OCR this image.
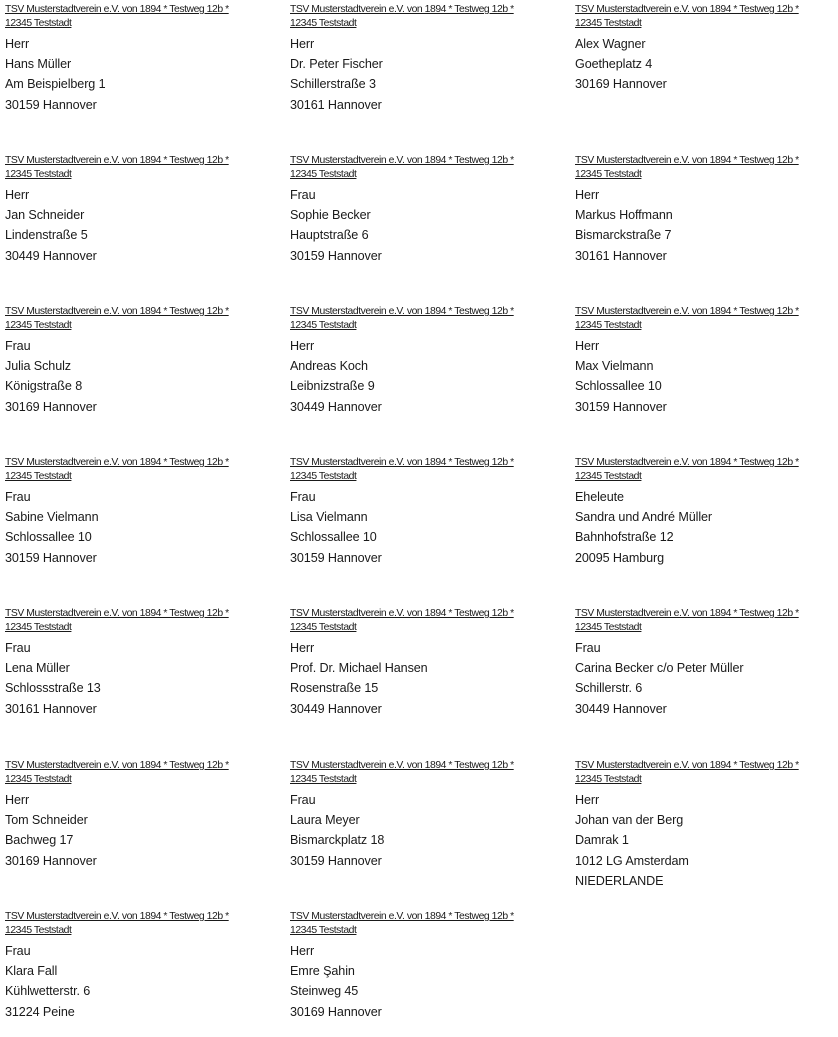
TSV Musterstadtverein e.V. von 1894 * Testweg 12b *
12345 Teststadt
Herr
Hans Müller
Am Beispielberg 1
30159 Hannover
TSV Musterstadtverein e.V. von 1894 * Testweg 12b *
12345 Teststadt
Herr
Dr. Peter Fischer
Schillerstraße 3
30161 Hannover
TSV Musterstadtverein e.V. von 1894 * Testweg 12b *
12345 Teststadt
Alex Wagner
Goetheplatz 4
30169 Hannover
TSV Musterstadtverein e.V. von 1894 * Testweg 12b *
12345 Teststadt
Herr
Jan Schneider
Lindenstraße 5
30449 Hannover
TSV Musterstadtverein e.V. von 1894 * Testweg 12b *
12345 Teststadt
Frau
Sophie Becker
Hauptstraße 6
30159 Hannover
TSV Musterstadtverein e.V. von 1894 * Testweg 12b *
12345 Teststadt
Herr
Markus Hoffmann
Bismarckstraße 7
30161 Hannover
TSV Musterstadtverein e.V. von 1894 * Testweg 12b *
12345 Teststadt
Frau
Julia Schulz
Königstraße 8
30169 Hannover
TSV Musterstadtverein e.V. von 1894 * Testweg 12b *
12345 Teststadt
Herr
Andreas Koch
Leibnizstraße 9
30449 Hannover
TSV Musterstadtverein e.V. von 1894 * Testweg 12b *
12345 Teststadt
Herr
Max Vielmann
Schlossallee 10
30159 Hannover
TSV Musterstadtverein e.V. von 1894 * Testweg 12b *
12345 Teststadt
Frau
Sabine Vielmann
Schlossallee 10
30159 Hannover
TSV Musterstadtverein e.V. von 1894 * Testweg 12b *
12345 Teststadt
Frau
Lisa Vielmann
Schlossallee 10
30159 Hannover
TSV Musterstadtverein e.V. von 1894 * Testweg 12b *
12345 Teststadt
Eheleute
Sandra und André Müller
Bahnhofstraße 12
20095 Hamburg
TSV Musterstadtverein e.V. von 1894 * Testweg 12b *
12345 Teststadt
Frau
Lena Müller
Schlossstraße 13
30161 Hannover
TSV Musterstadtverein e.V. von 1894 * Testweg 12b *
12345 Teststadt
Herr
Prof. Dr. Michael Hansen
Rosenstraße 15
30449 Hannover
TSV Musterstadtverein e.V. von 1894 * Testweg 12b *
12345 Teststadt
Frau
Carina Becker c/o Peter Müller
Schillerstr. 6
30449 Hannover
TSV Musterstadtverein e.V. von 1894 * Testweg 12b *
12345 Teststadt
Herr
Tom Schneider
Bachweg 17
30169 Hannover
TSV Musterstadtverein e.V. von 1894 * Testweg 12b *
12345 Teststadt
Frau
Laura Meyer
Bismarckplatz 18
30159 Hannover
TSV Musterstadtverein e.V. von 1894 * Testweg 12b *
12345 Teststadt
Herr
Johan van der Berg
Damrak 1
1012 LG Amsterdam
NIEDERLANDE
TSV Musterstadtverein e.V. von 1894 * Testweg 12b *
12345 Teststadt
Frau
Klara Fall
Kühlwetterstr. 6
31224 Peine
TSV Musterstadtverein e.V. von 1894 * Testweg 12b *
12345 Teststadt
Herr
Emre Şahin
Steinweg 45
30169 Hannover
